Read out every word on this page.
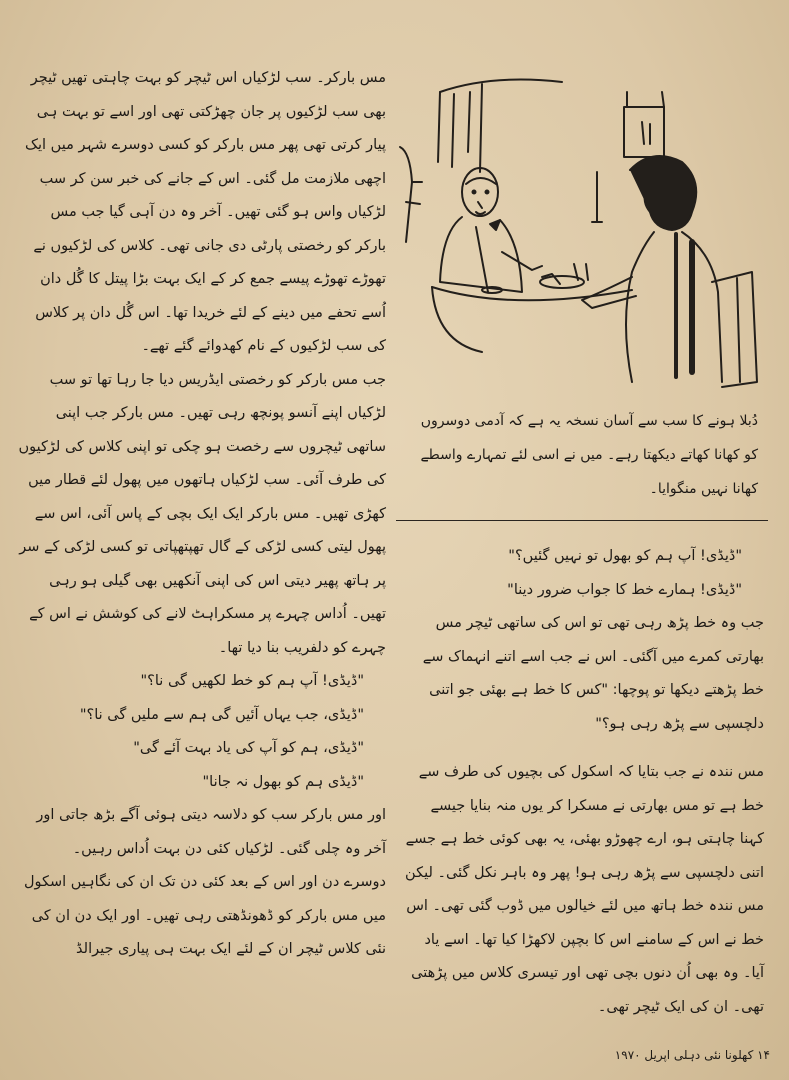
مس بارکر۔ سب لڑکیاں اس ٹیچر کو بہت چاہتی تھیں ٹیچر بھی سب لڑکیوں پر جان چھڑکتی تھی اور اسے تو بہت ہی پیار کرتی تھی پھر مس بارکر کو کسی دوسرے شہر میں ایک اچھی ملازمت مل گئی۔ اس کے جانے کی خبر سن کر سب لڑکیاں واس ہو گئی تھیں۔ آخر وہ دن آہی گیا جب مس بارکر کو رخصتی پارٹی دی جانی تھی۔ کلاس کی لڑکیوں نے تھوڑے تھوڑے پیسے جمع کر کے ایک بہت بڑا پیتل کا گُل دان اُسے تحفے میں دینے کے لئے خریدا تھا۔ اس گُل دان پر کلاس کی سب لڑکیوں کے نام کھدوائے گئے تھے۔

جب مس بارکر کو رخصتی ایڈریس دیا جا رہا تھا تو سب لڑکیاں اپنے آنسو پونچھ رہی تھیں۔ مس بارکر جب اپنی ساتھی ٹیچروں سے رخصت ہو چکی تو اپنی کلاس کی لڑکیوں کی طرف آئی۔ سب لڑکیاں ہاتھوں میں پھول لئے قطار میں کھڑی تھیں۔ مس بارکر ایک ایک بچی کے پاس آئی، اس سے پھول لیتی کسی لڑکی کے گال تھپتھپاتی تو کسی لڑکی کے سر پر ہاتھ پھیر دیتی اس کی اپنی آنکھیں بھی گیلی ہو رہی تھیں۔ اُداس چہرے پر مسکراہٹ لانے کی کوشش نے اس کے چہرے کو دلفریب بنا دیا تھا۔

"ڈیڈی! آپ ہم کو خط لکھیں گی نا؟"

"ڈیڈی، جب یہاں آئیں گی ہم سے ملیں گی نا؟"

"ڈیڈی، ہم کو آپ کی یاد بہت آئے گی"

"ڈیڈی ہم کو بھول نہ جانا"

اور مس بارکر سب کو دلاسہ دیتی ہوئی آگے بڑھ جاتی اور آخر وہ چلی گئی۔ لڑکیاں کئی دن بہت اُداس رہیں۔

دوسرے دن اور اس کے بعد کئی دن تک ان کی نگاہیں اسکول میں مس بارکر کو ڈھونڈھتی رہی تھیں۔ اور ایک دن ان کی نئی کلاس ٹیچر ان کے لئے ایک بہت ہی پیاری جیرالڈ

دُبلا ہونے کا سب سے آسان نسخہ یہ ہے کہ آدمی دوسروں کو کھانا کھاتے دیکھتا رہے۔ میں نے اسی لئے تمہارے واسطے کھانا نہیں منگوایا۔

"ڈیڈی! آپ ہم کو بھول تو نہیں گئیں؟"

"ڈیڈی! ہمارے خط کا جواب ضرور دینا"

جب وہ خط پڑھ رہی تھی تو اس کی ساتھی ٹیچر مس بھارتی کمرے میں آگئی۔ اس نے جب اسے اتنے انہماک سے خط پڑھتے دیکھا تو پوچھا: "کس کا خط ہے بھئی جو اتنی دلچسپی سے پڑھ رہی ہو؟"

مس نندہ نے جب بتایا کہ اسکول کی بچیوں کی طرف سے خط ہے تو مس بھارتی نے مسکرا کر یوں منہ بنایا جیسے کہنا چاہتی ہو، ارے چھوڑو بھئی، یہ بھی کوئی خط ہے جسے اتنی دلچسپی سے پڑھ رہی ہو! پھر وہ باہر نکل گئی۔ لیکن مس نندہ خط ہاتھ میں لئے خیالوں میں ڈوب گئی تھی۔ اس خط نے اس کے سامنے اس کا بچپن لاکھڑا کیا تھا۔ اسے یاد آیا۔ وہ بھی اُن دنوں بچی تھی اور تیسری کلاس میں پڑھتی تھی۔ ان کی ایک ٹیچر تھی۔

۱۴ کھلونا نئی دہلی اپریل ۱۹۷۰
